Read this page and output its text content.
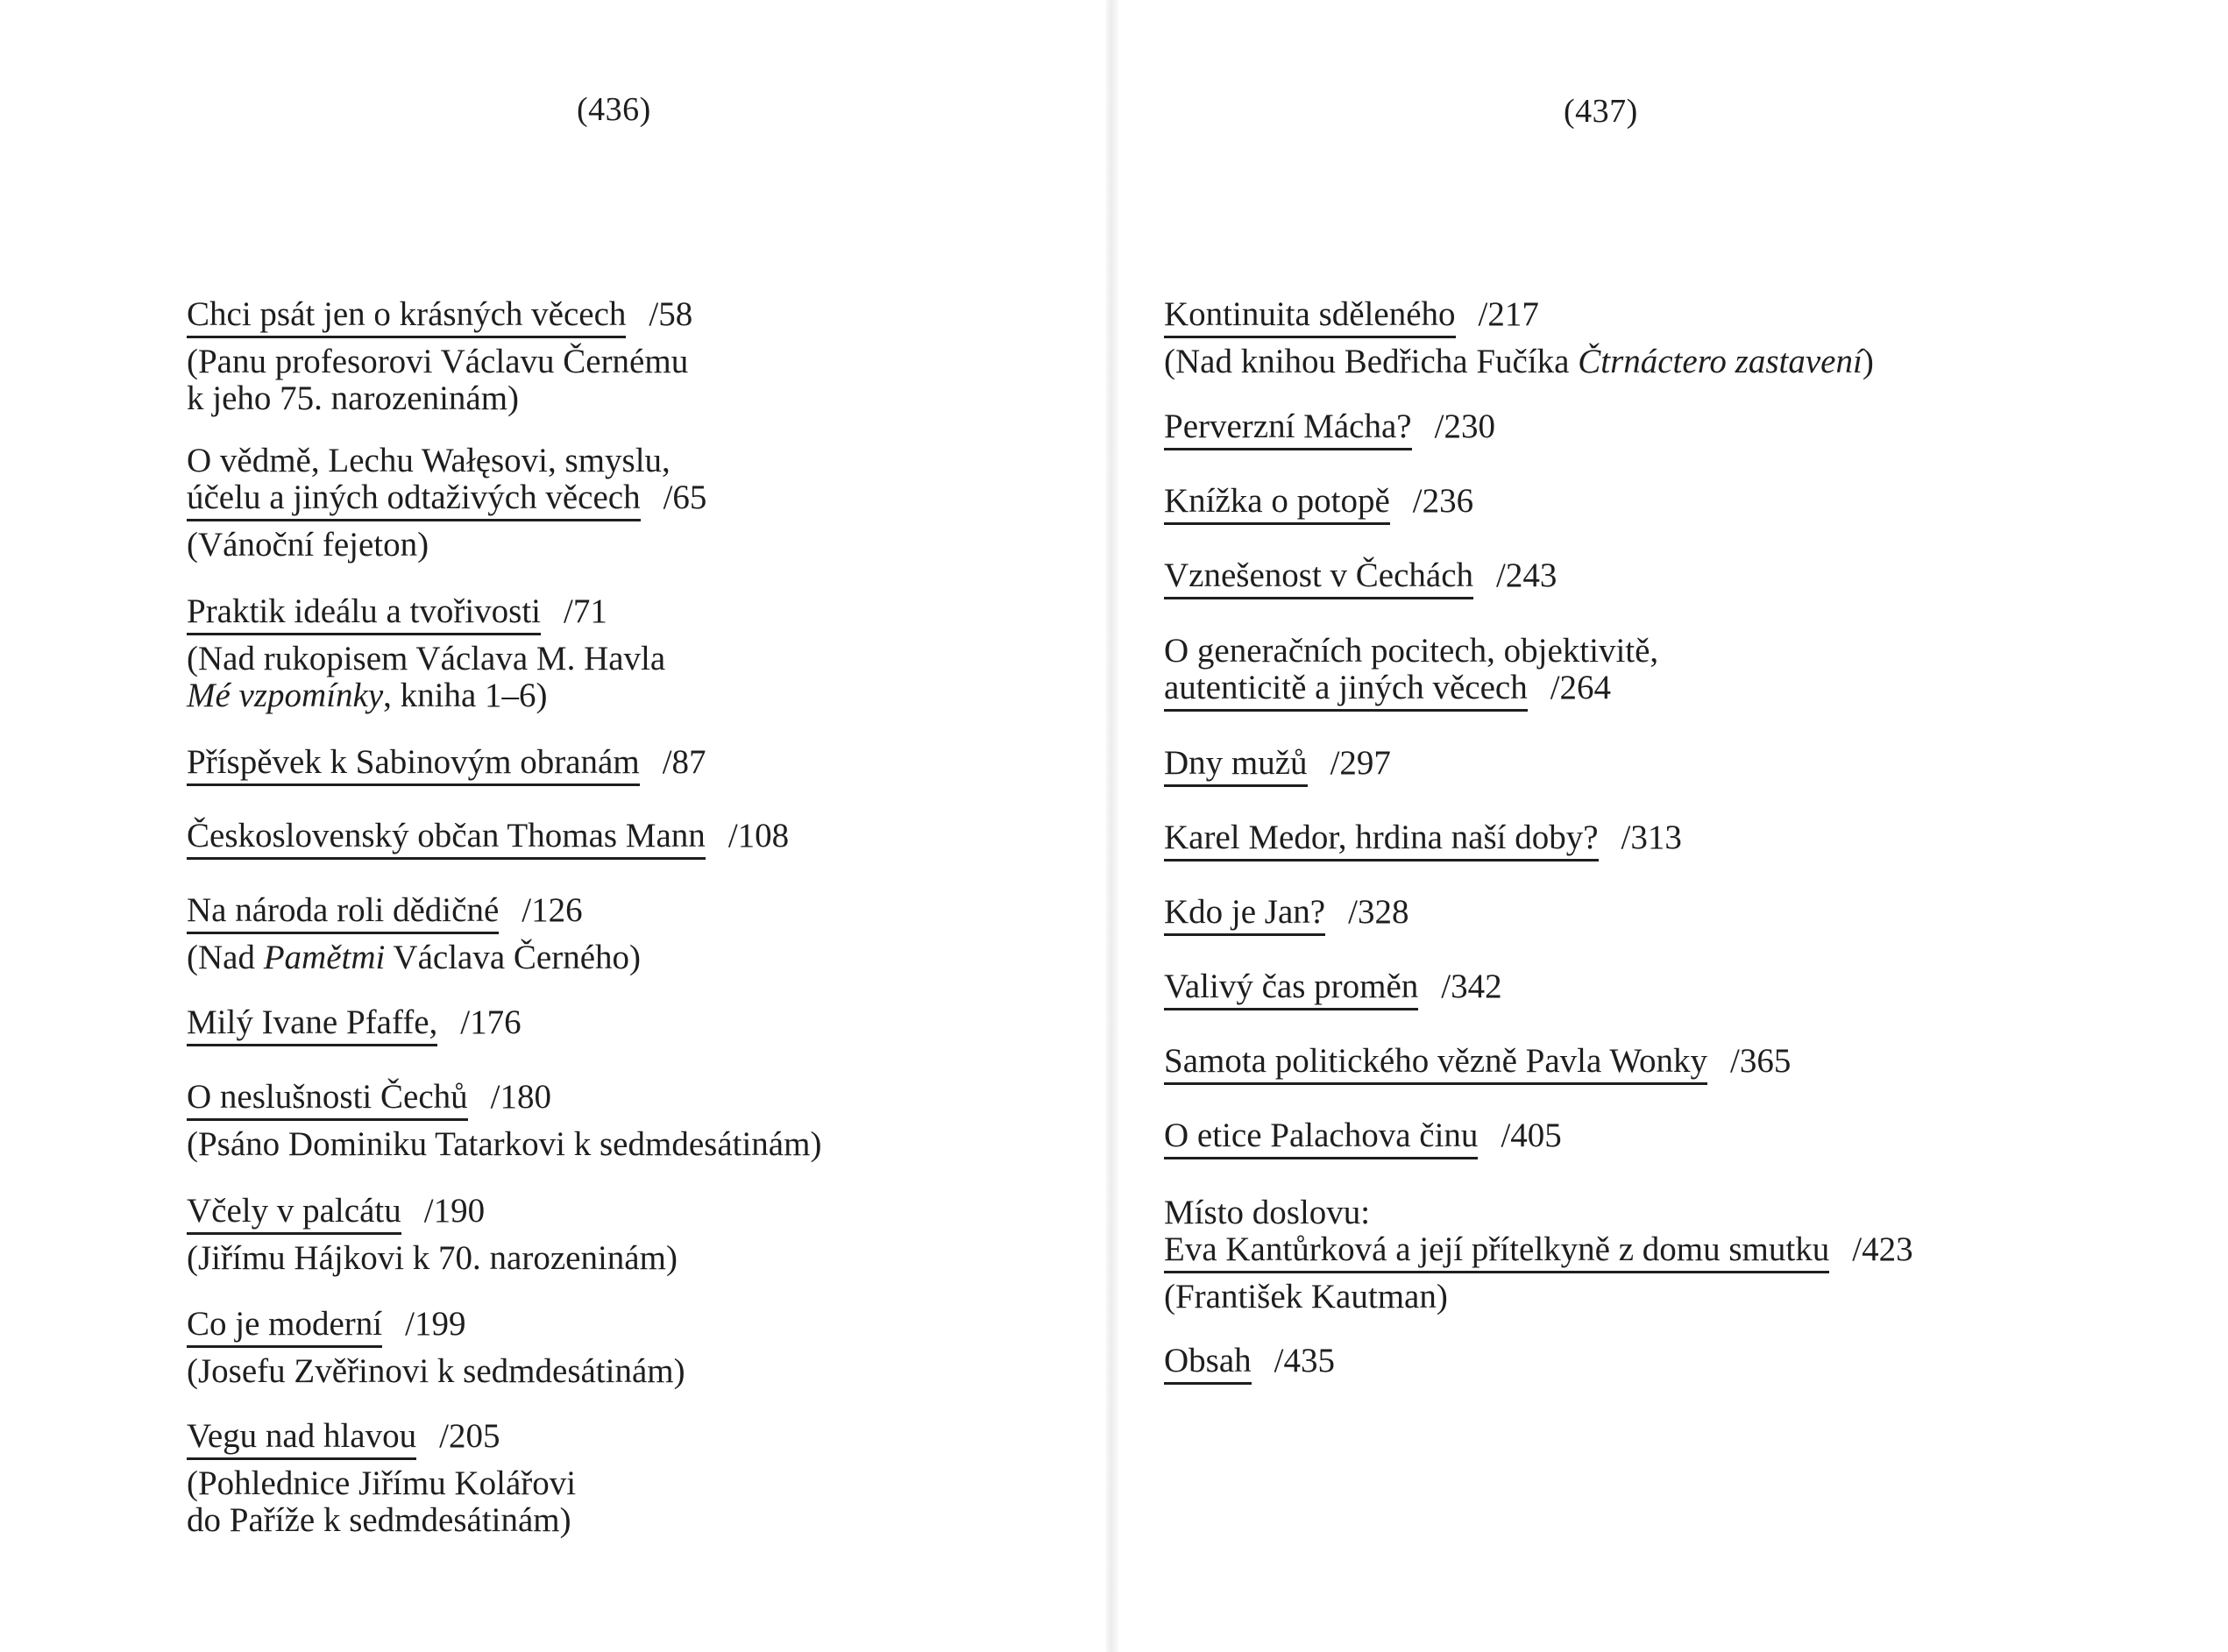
(436)
Chci psát jen o krásných věcech /58
(Panu profesorovi Václavu Černému
k jeho 75. narozeninám)
O vědmě, Lechu Wałęsovi, smyslu,
účelu a jiných odtaživých věcech /65
(Vánoční fejeton)
Praktik ideálu a tvořivosti /71
(Nad rukopisem Václava M. Havla
Mé vzpomínky, kniha 1–6)
Příspěvek k Sabinovým obranám /87
Československý občan Thomas Mann /108
Na národa roli dědičné /126
(Nad Pamětmi Václava Černého)
Milý Ivane Pfaffe, /176
O neslušnosti Čechů /180
(Psáno Dominiku Tatarkovi k sedmdesátinám)
Včely v palcátu /190
(Jiřímu Hájkovi k 70. narozeninám)
Co je moderní /199
(Josefu Zvěřinovi k sedmdesátinám)
Vegu nad hlavou /205
(Pohlednice Jiřímu Kolářovi
do Paříže k sedmdesátinám)
(437)
Kontinuita sděleného /217
(Nad knihou Bedřicha Fučíka Čtrnáctero zastavení)
Perverzní Mácha? /230
Knížka o potopě /236
Vznešenost v Čechách /243
O generačních pocitech, objektivitě,
autenticitě a jiných věcech /264
Dny mužů /297
Karel Medor, hrdina naší doby? /313
Kdo je Jan? /328
Valivý čas proměn /342
Samota politického vězně Pavla Wonky /365
O etice Palachova činu /405
Místo doslovu:
Eva Kantůrková a její přítelkyně z domu smutku /423
(František Kautman)
Obsah /435
